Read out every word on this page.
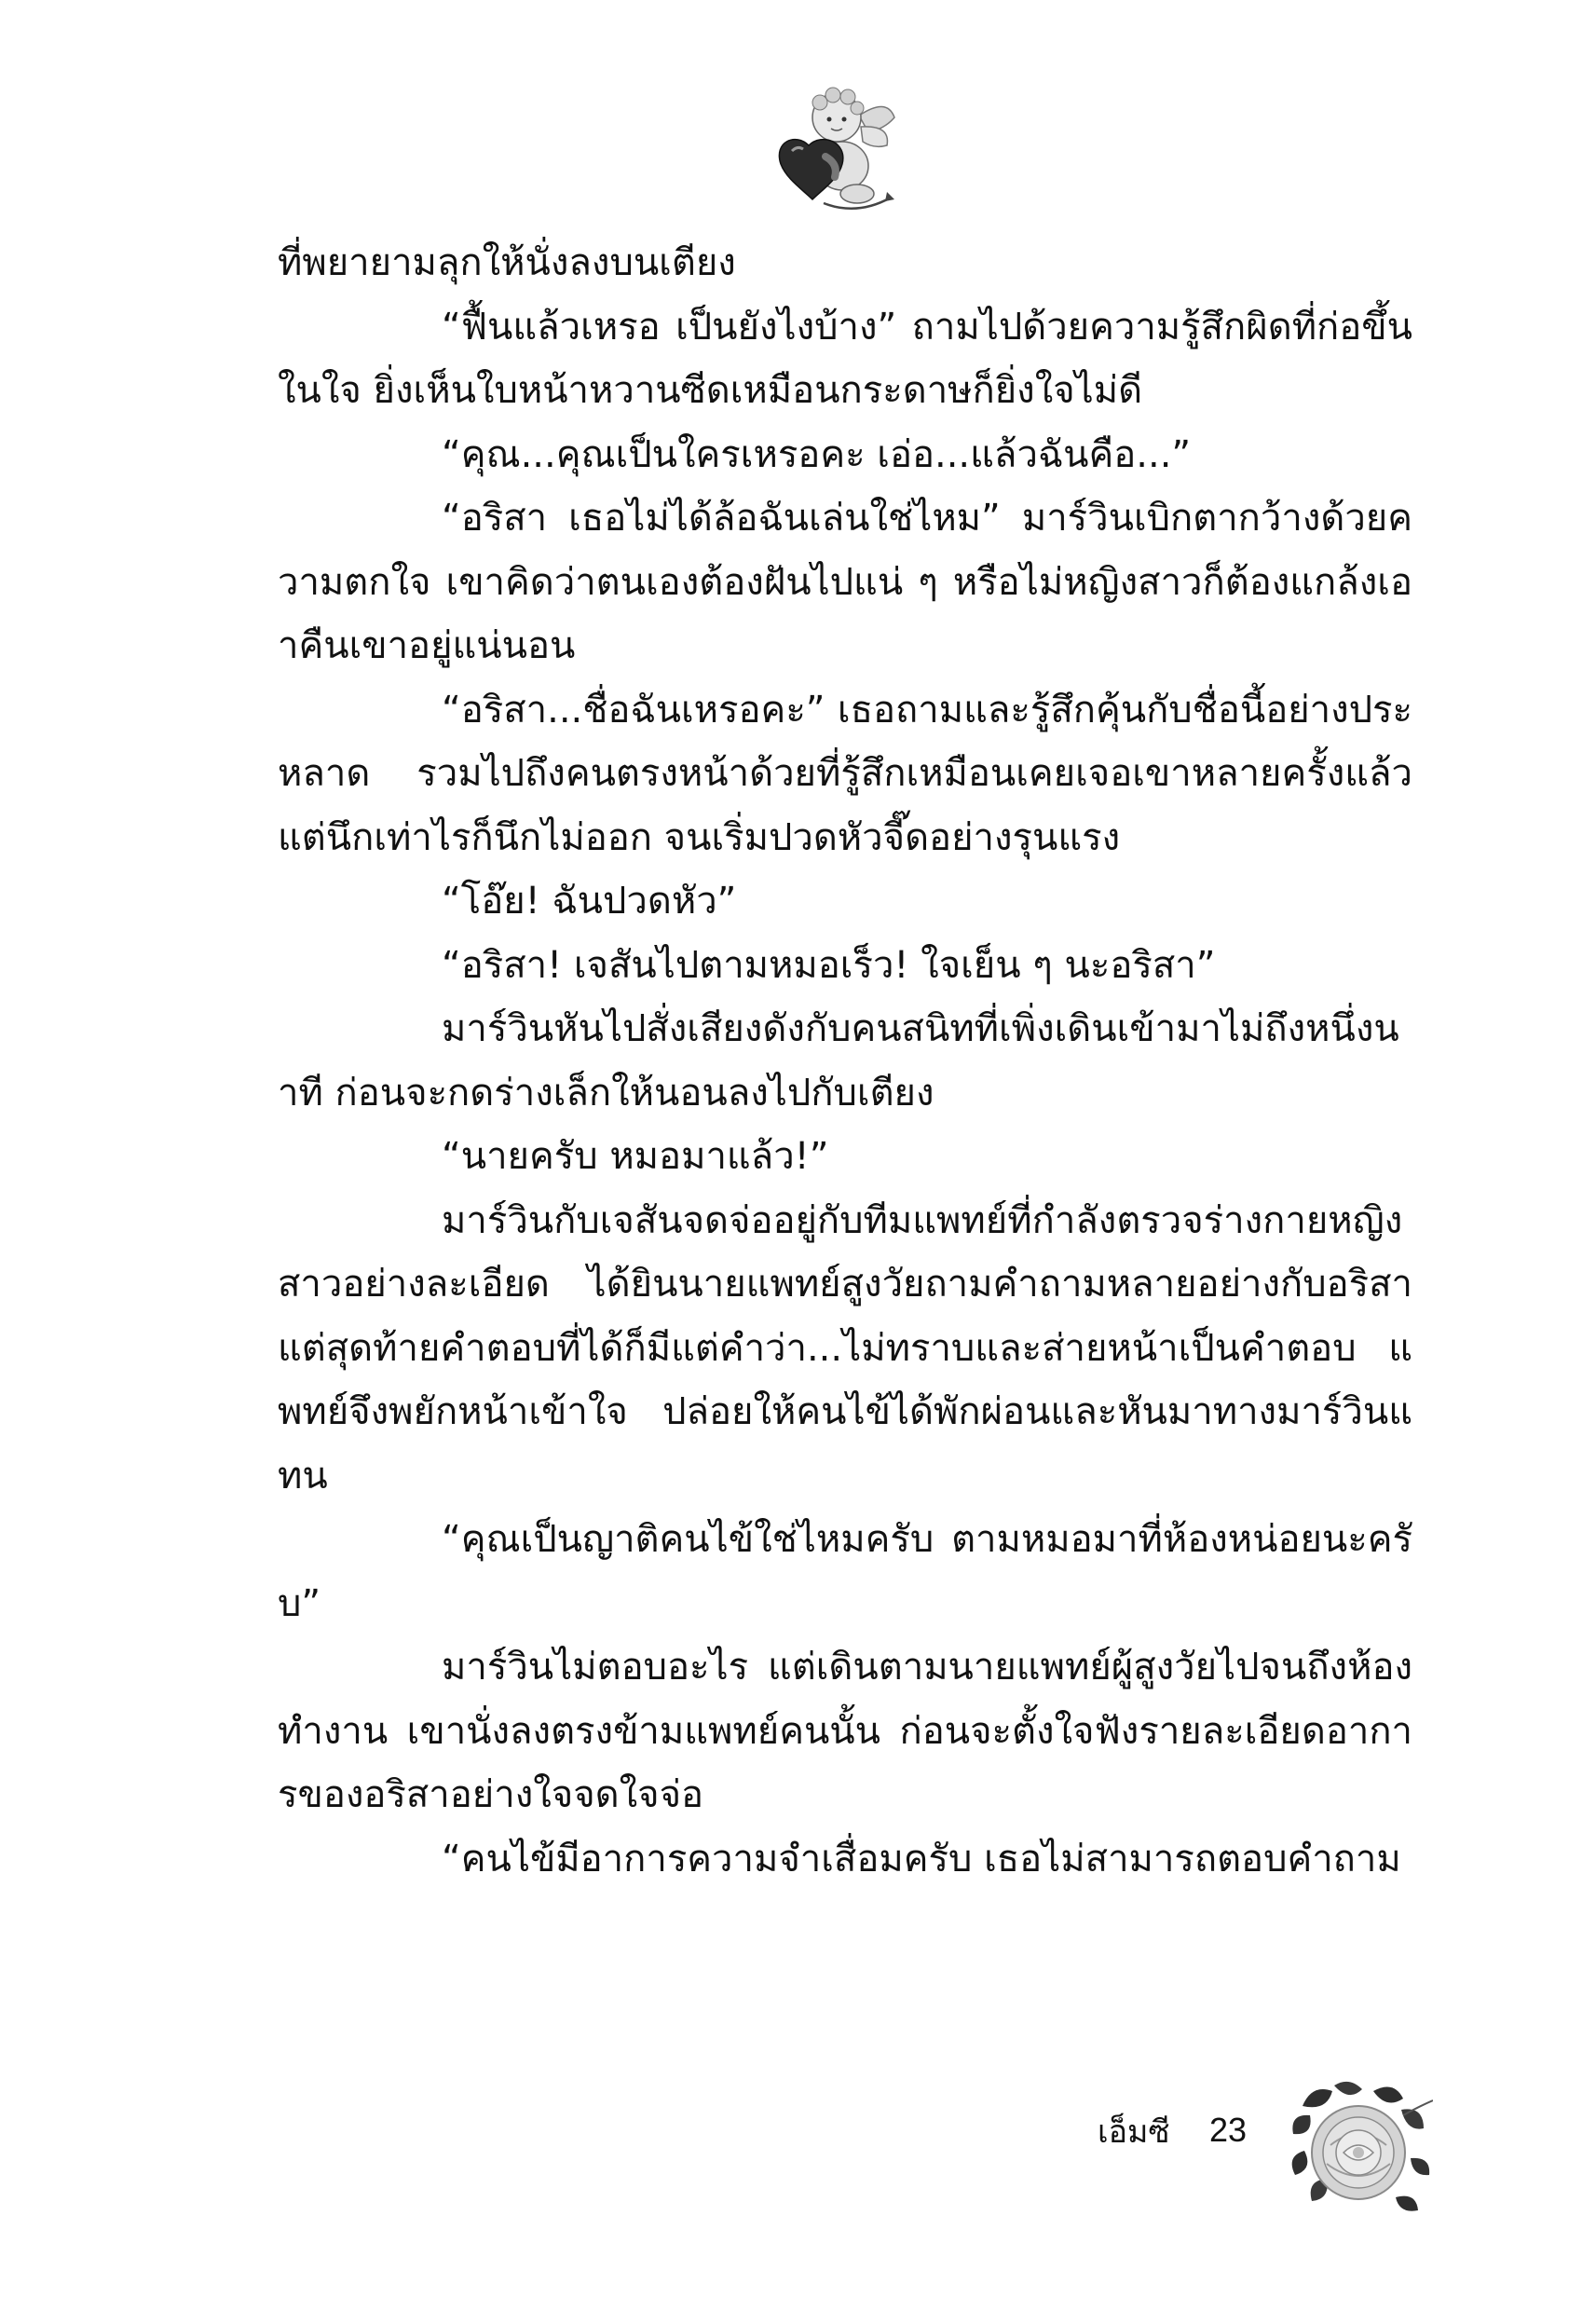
ที่พยายามลุกให้นั่งลงบนเตียง

“ฟื้นแล้วเหรอ เป็นยังไงบ้าง” ถามไปด้วยความรู้สึกผิดที่ก่อขึ้นในใจ ยิ่งเห็นใบหน้าหวานซีดเหมือนกระดาษก็ยิ่งใจไม่ดี

“คุณ...คุณเป็นใครเหรอคะ เอ่อ...แล้วฉันคือ...”

“อริสา เธอไม่ได้ล้อฉันเล่นใช่ไหม” มาร์วินเบิกตากว้างด้วยความตกใจ เขาคิดว่าตนเองต้องฝันไปแน่ ๆ หรือไม่หญิงสาวก็ต้องแกล้งเอาคืนเขาอยู่แน่นอน

“อริสา...ชื่อฉันเหรอคะ” เธอถามและรู้สึกคุ้นกับชื่อนี้อย่างประหลาด รวมไปถึงคนตรงหน้าด้วยที่รู้สึกเหมือนเคยเจอเขาหลายครั้งแล้ว แต่นึกเท่าไรก็นึกไม่ออก จนเริ่มปวดหัวจี๊ดอย่างรุนแรง

“โอ๊ย! ฉันปวดหัว”

“อริสา! เจสันไปตามหมอเร็ว! ใจเย็น ๆ นะอริสา”

มาร์วินหันไปสั่งเสียงดังกับคนสนิทที่เพิ่งเดินเข้ามาไม่ถึงหนึ่งนาที ก่อนจะกดร่างเล็กให้นอนลงไปกับเตียง

“นายครับ หมอมาแล้ว!”

มาร์วินกับเจสันจดจ่ออยู่กับทีมแพทย์ที่กำลังตรวจร่างกายหญิงสาวอย่างละเอียด ได้ยินนายแพทย์สูงวัยถามคำถามหลายอย่างกับอริสา แต่สุดท้ายคำตอบที่ได้ก็มีแต่คำว่า...ไม่ทราบและส่ายหน้าเป็นคำตอบ แพทย์จึงพยักหน้าเข้าใจ ปล่อยให้คนไข้ได้พักผ่อนและหันมาทางมาร์วินแทน

“คุณเป็นญาติคนไข้ใช่ไหมครับ ตามหมอมาที่ห้องหน่อยนะครับ”

มาร์วินไม่ตอบอะไร แต่เดินตามนายแพทย์ผู้สูงวัยไปจนถึงห้องทำงาน เขานั่งลงตรงข้ามแพทย์คนนั้น ก่อนจะตั้งใจฟังรายละเอียดอาการของอริสาอย่างใจจดใจจ่อ

“คนไข้มีอาการความจำเสื่อมครับ เธอไม่สามารถตอบคำถาม

เอ็มซี 23
